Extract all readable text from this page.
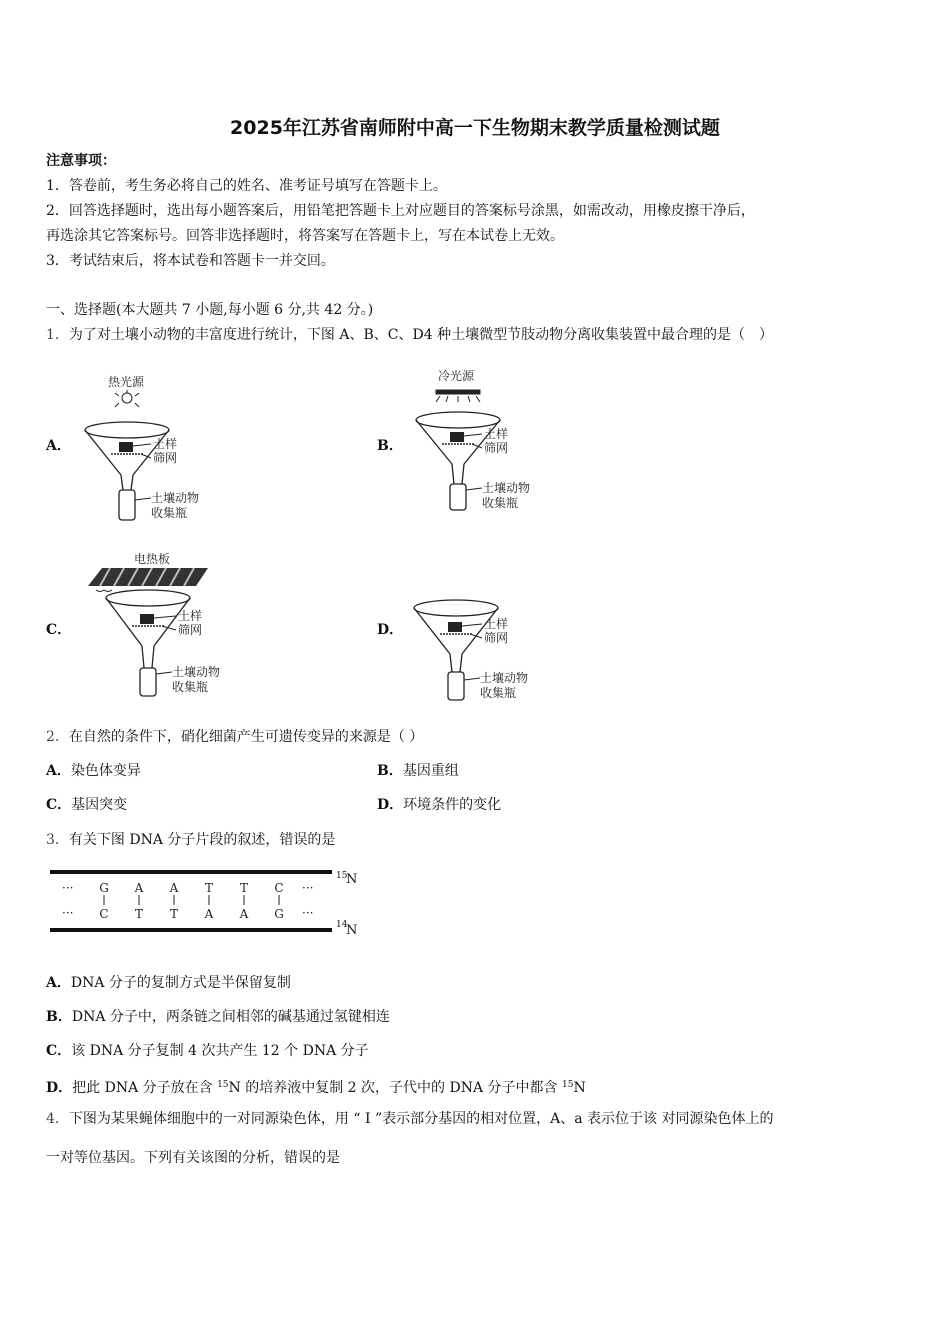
2025年江苏省南师附中高一下生物期末教学质量检测试题
注意事项：
1．答卷前，考生务必将自己的姓名、准考证号填写在答题卡上。
2．回答选择题时，选出每小题答案后，用铅笔把答题卡上对应题目的答案标号涂黑，如需改动，用橡皮擦干净后，
再选涂其它答案标号。回答非选择题时，将答案写在答题卡上，写在本试卷上无效。
3．考试结束后，将本试卷和答题卡一并交回。
一、选择题(本大题共 7 小题,每小题 6 分,共 42 分。)
1．为了对土壤小动物的丰富度进行统计，下图 A、B、C、D4 种土壤微型节肢动物分离收集装置中最合理的是（　）
A．	B．
C．	D．
热光源
土样
筛网
土壤动物
收集瓶
冷光源
土样
筛网
土壤动物
收集瓶
电热板
土样
筛网
土壤动物
收集瓶
土样
筛网
土壤动物
收集瓶
2．在自然的条件下，硝化细菌产生可遗传变异的来源是（ ）
A．染色体变异	B．基因重组
C．基因突变	D．环境条件的变化
3．有关下图 DNA 分子片段的叙述，错误的是
···
···
···
···
G
C
A
T
A
T
T
A
T
A
C
G
15
N
14
N
A．DNA 分子的复制方式是半保留复制
B．DNA 分子中，两条链之间相邻的碱基通过氢键相连
C．该 DNA 分子复制 4 次共产生 12 个 DNA 分子
D．把此 DNA 分子放在含 $^{15}$N 的培养液中复制 2 次，子代中的 DNA 分子中都含 $^{15}$N
4．下图为某果蝇体细胞中的一对同源染色体，用 “ I ”表示部分基因的相对位置，A、a 表示位于该 对同源染色体上的
一对等位基因。下列有关该图的分析，错误的是
